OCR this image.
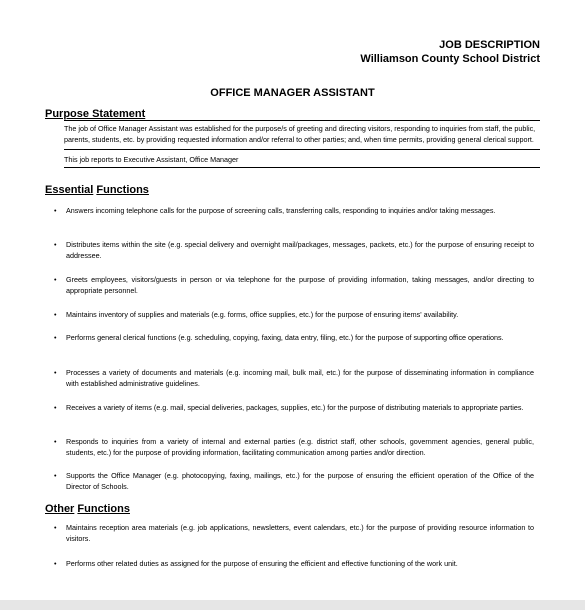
JOB DESCRIPTION
Williamson County School District
OFFICE MANAGER ASSISTANT
Purpose Statement
The job of Office Manager Assistant was established for the purpose/s of greeting and directing visitors, responding to inquiries from staff, the public, parents, students, etc. by providing requested information and/or referral to other parties; and, when time permits, providing general clerical support.
This job reports to Executive Assistant, Office Manager
Essential Functions
• Answers incoming telephone calls for the purpose of screening calls, transferring calls, responding to inquiries and/or taking messages.
• Distributes items within the site (e.g. special delivery and overnight mail/packages, messages, packets, etc.) for the purpose of ensuring receipt to addressee.
• Greets employees, visitors/guests in person or via telephone for the purpose of providing information, taking messages, and/or directing to appropriate personnel.
• Maintains inventory of supplies and materials (e.g. forms, office supplies, etc.) for the purpose of ensuring items' availability.
• Performs general clerical functions (e.g. scheduling, copying, faxing, data entry, filing, etc.) for the purpose of supporting office operations.
• Processes a variety of documents and materials (e.g. incoming mail, bulk mail, etc.) for the purpose of disseminating information in compliance with established administrative guidelines.
• Receives a variety of items (e.g. mail, special deliveries, packages, supplies, etc.) for the purpose of distributing materials to appropriate parties.
• Responds to inquiries from a variety of internal and external parties (e.g. district staff, other schools, government agencies, general public, students, etc.) for the purpose of providing information, facilitating communication among parties and/or direction.
• Supports the Office Manager (e.g. photocopying, faxing, mailings, etc.) for the purpose of ensuring the efficient operation of the Office of the Director of Schools.
Other Functions
• Maintains reception area materials (e.g. job applications, newsletters, event calendars, etc.) for the purpose of providing resource information to visitors.
• Performs other related duties as assigned for the purpose of ensuring the efficient and effective functioning of the work unit.
